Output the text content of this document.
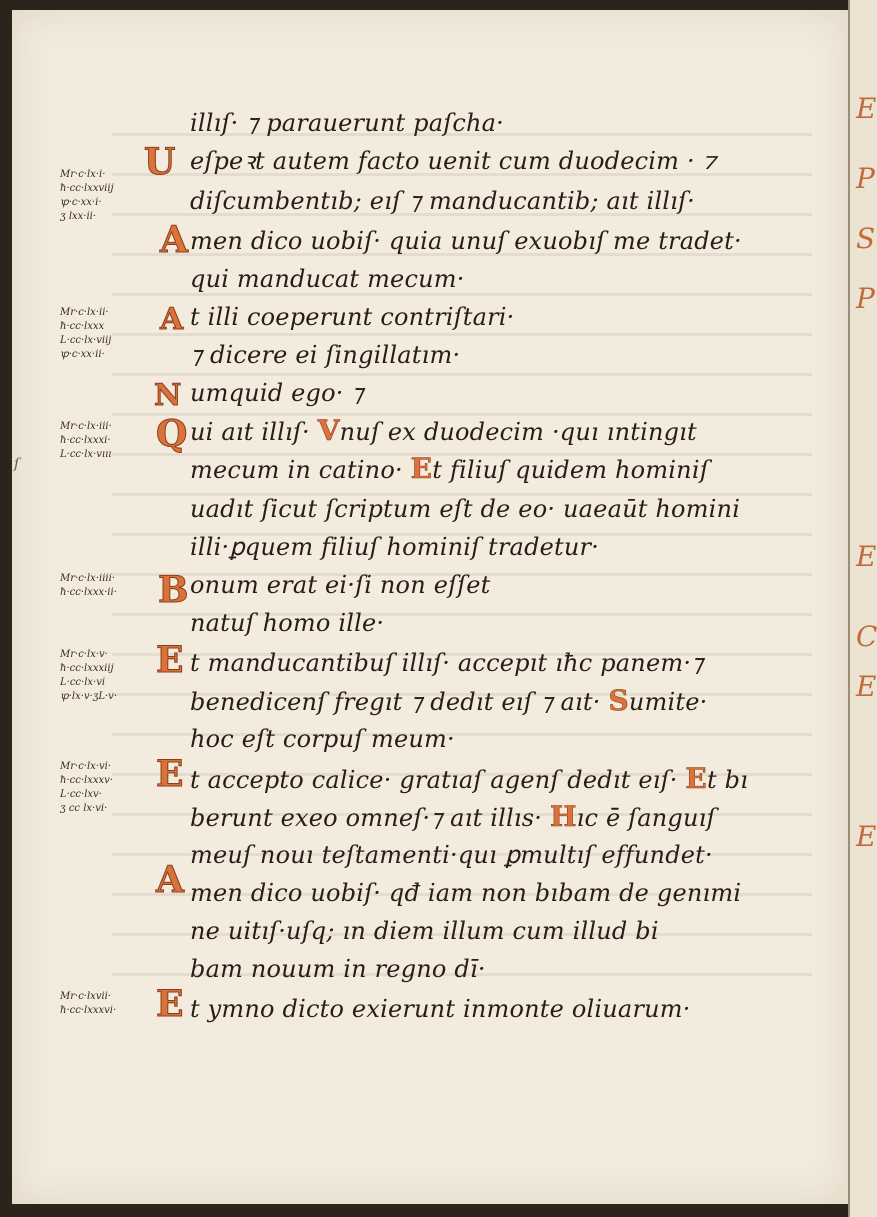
E
P
S
P
E
C
E
E
ſ
Mr·c·lx·i·
ħ·cc·lxxviij
ꝕ·c·xx·i·
ʒ lxx·ii·
Mr·c·lx·ii·
ħ·cc·lxxx
L·cc·lx·viij
ꝕ·c·xx·ii·
Mr·c·lx·iii·
ħ·cc·lxxxi·
L·cc·lx·vııı
Mr·c·lx·iiii·
ħ·cc·lxxx·ii·
Mr·c·lx·v·
ħ·cc·lxxxiij
L·cc·lx·vi
ꝕ·lx·v·ʒL·v·
Mr·c·lx·vi·
ħ·cc·lxxxv·
L·cc·lxv·
ʒ cc lx·vi·
Mr·c·lxvii·
ħ·cc·lxxxvi·
U
A
A
N
Q
B
E
E
A
E
illıſ· ⁊ parauerunt paſcha·
eſpeꝛt autem facto uenit cum duodecim · ⁊
diſcumbentıb; eıſ ⁊ manducantib; aıt illıſ·
men dico uobiſ· quia unuſ exuobıſ me tradet·
qui manducat mecum·
t illi coeperunt contriſtari·
⁊ dicere ei ſingillatım·
umquid ego· ⁊
ui aıt illıſ· Vnuſ ex duodecim ·quı ıntingıt
mecum in catino· Et filiuſ quidem hominiſ
uadıt ſicut ſcriptum eſt de eo· uaeaūt homini
illi·ꝑquem filiuſ hominiſ tradetur·
onum erat ei·ſi non eſſet
natuſ homo ille·
t manducantibuſ illıſ· accepıt ıħc panem·⁊
benedicenſ fregıt ⁊ dedıt eıſ ⁊ aıt· Sumite·
hoc eſt corpuſ meum·
t accepto calice· gratıaſ agenſ dedıt eıſ· Et bı
berunt exeo omneſ·⁊ aıt illıs· Hıc ē̄ ſanguıſ
meuſ nouı teſtamenti·quı ꝑmultıſ effundet·
men dico uobiſ· qđ iam non bıbam de genımi
ne uitıſ·uſq; ın diem illum cum illud bi
bam nouum in regno dī·
t ymno dicto exierunt inmonte oliuarum·
